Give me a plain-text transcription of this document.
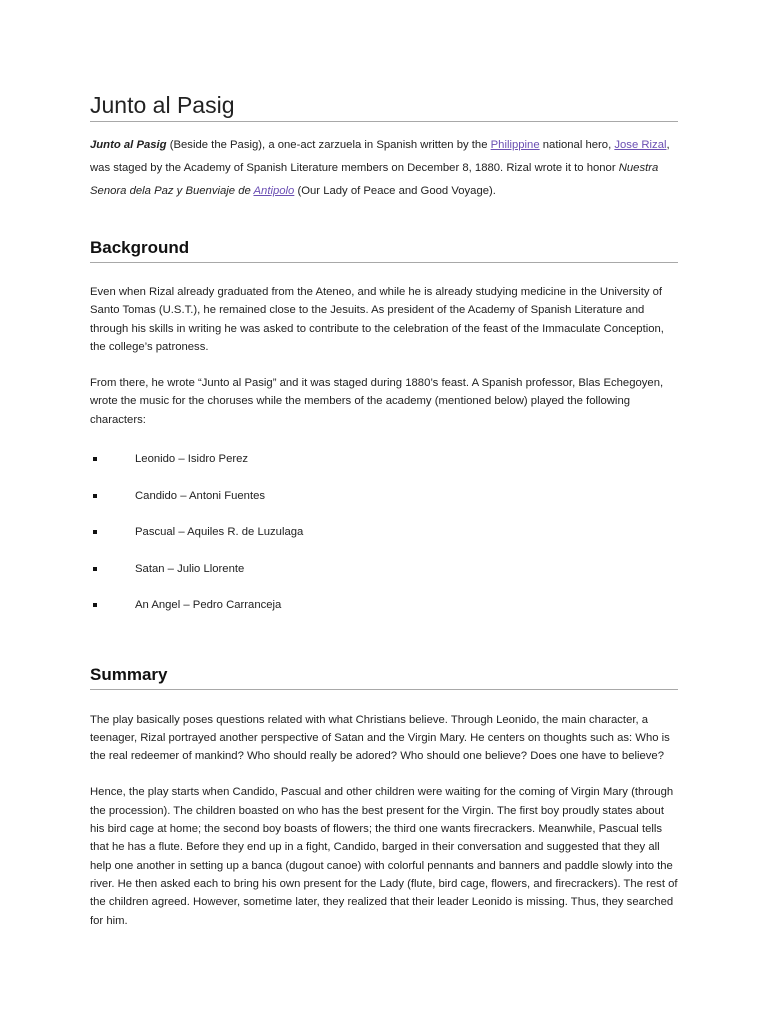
Junto al Pasig

Junto al Pasig (Beside the Pasig), a one-act zarzuela in Spanish written by the Philippine national hero, Jose Rizal, was staged by the Academy of Spanish Literature members on December 8, 1880. Rizal wrote it to honor Nuestra Senora dela Paz y Buenviaje de Antipolo (Our Lady of Peace and Good Voyage).

Background

Even when Rizal already graduated from the Ateneo, and while he is already studying medicine in the University of Santo Tomas (U.S.T.), he remained close to the Jesuits. As president of the Academy of Spanish Literature and through his skills in writing he was asked to contribute to the celebration of the feast of the Immaculate Conception, the college’s patroness.

From there, he wrote “Junto al Pasig” and it was staged during 1880’s feast. A Spanish professor, Blas Echegoyen, wrote the music for the choruses while the members of the academy (mentioned below) played the following characters:

Leonido – Isidro Perez
Candido – Antoni Fuentes
Pascual – Aquiles R. de Luzulaga
Satan – Julio Llorente
An Angel – Pedro Carranceja
Summary

The play basically poses questions related with what Christians believe. Through Leonido, the main character, a teenager, Rizal portrayed another perspective of Satan and the Virgin Mary. He centers on thoughts such as: Who is the real redeemer of mankind? Who should really be adored? Who should one believe? Does one have to believe?

Hence, the play starts when Candido, Pascual and other children were waiting for the coming of Virgin Mary (through the procession). The children boasted on who has the best present for the Virgin. The first boy proudly states about his bird cage at home; the second boy boasts of flowers; the third one wants firecrackers. Meanwhile, Pascual tells that he has a flute. Before they end up in a fight, Candido, barged in their conversation and suggested that they all help one another in setting up a banca (dugout canoe) with colorful pennants and banners and paddle slowly into the river. He then asked each to bring his own present for the Lady (flute, bird cage, flowers, and firecrackers). The rest of the children agreed. However, sometime later, they realized that their leader Leonido is missing. Thus, they searched for him.
